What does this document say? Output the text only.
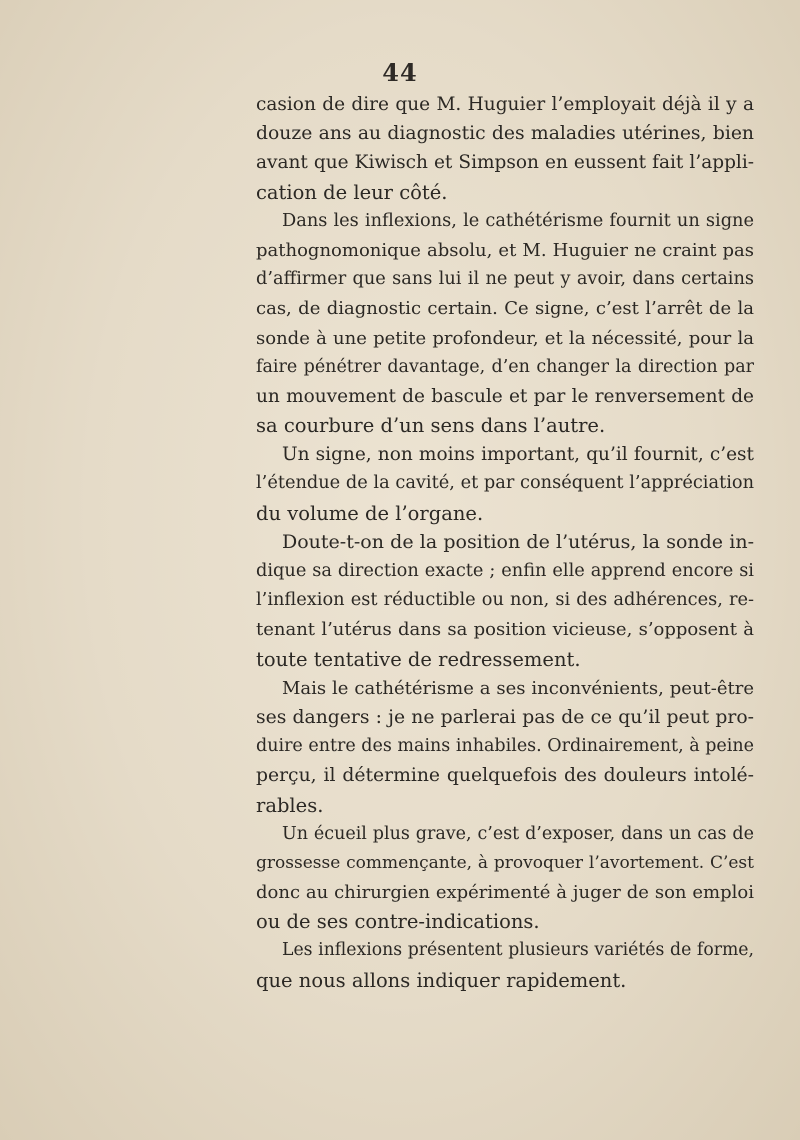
44
casion de dire que M. Huguier l’employait déjà il y a
douze ans au diagnostic des maladies utérines, bien
avant que Kiwisch et Simpson en eussent fait l’appli-
cation de leur côté.
Dans les inflexions, le cathétérisme fournit un signe
pathognomonique absolu, et M. Huguier ne craint pas
d’affirmer que sans lui il ne peut y avoir, dans certains
cas, de diagnostic certain. Ce signe, c’est l’arrêt de la
sonde à une petite profondeur, et la nécessité, pour la
faire pénétrer davantage, d’en changer la direction par
un mouvement de bascule et par le renversement de
sa courbure d’un sens dans l’autre.
Un signe, non moins important, qu’il fournit, c’est
l’étendue de la cavité, et par conséquent l’appréciation
du volume de l’organe.
Doute-t-on de la position de l’utérus, la sonde in-
dique sa direction exacte ; enfin elle apprend encore si
l’inflexion est réductible ou non, si des adhérences, re-
tenant l’utérus dans sa position vicieuse, s’opposent à
toute tentative de redressement.
Mais le cathétérisme a ses inconvénients, peut-être
ses dangers : je ne parlerai pas de ce qu’il peut pro-
duire entre des mains inhabiles. Ordinairement, à peine
perçu, il détermine quelquefois des douleurs intolé-
rables.
Un écueil plus grave, c’est d’exposer, dans un cas de
grossesse commençante, à provoquer l’avortement. C’est
donc au chirurgien expérimenté à juger de son emploi
ou de ses contre-indications.
Les inflexions présentent plusieurs variétés de forme,
que nous allons indiquer rapidement.
